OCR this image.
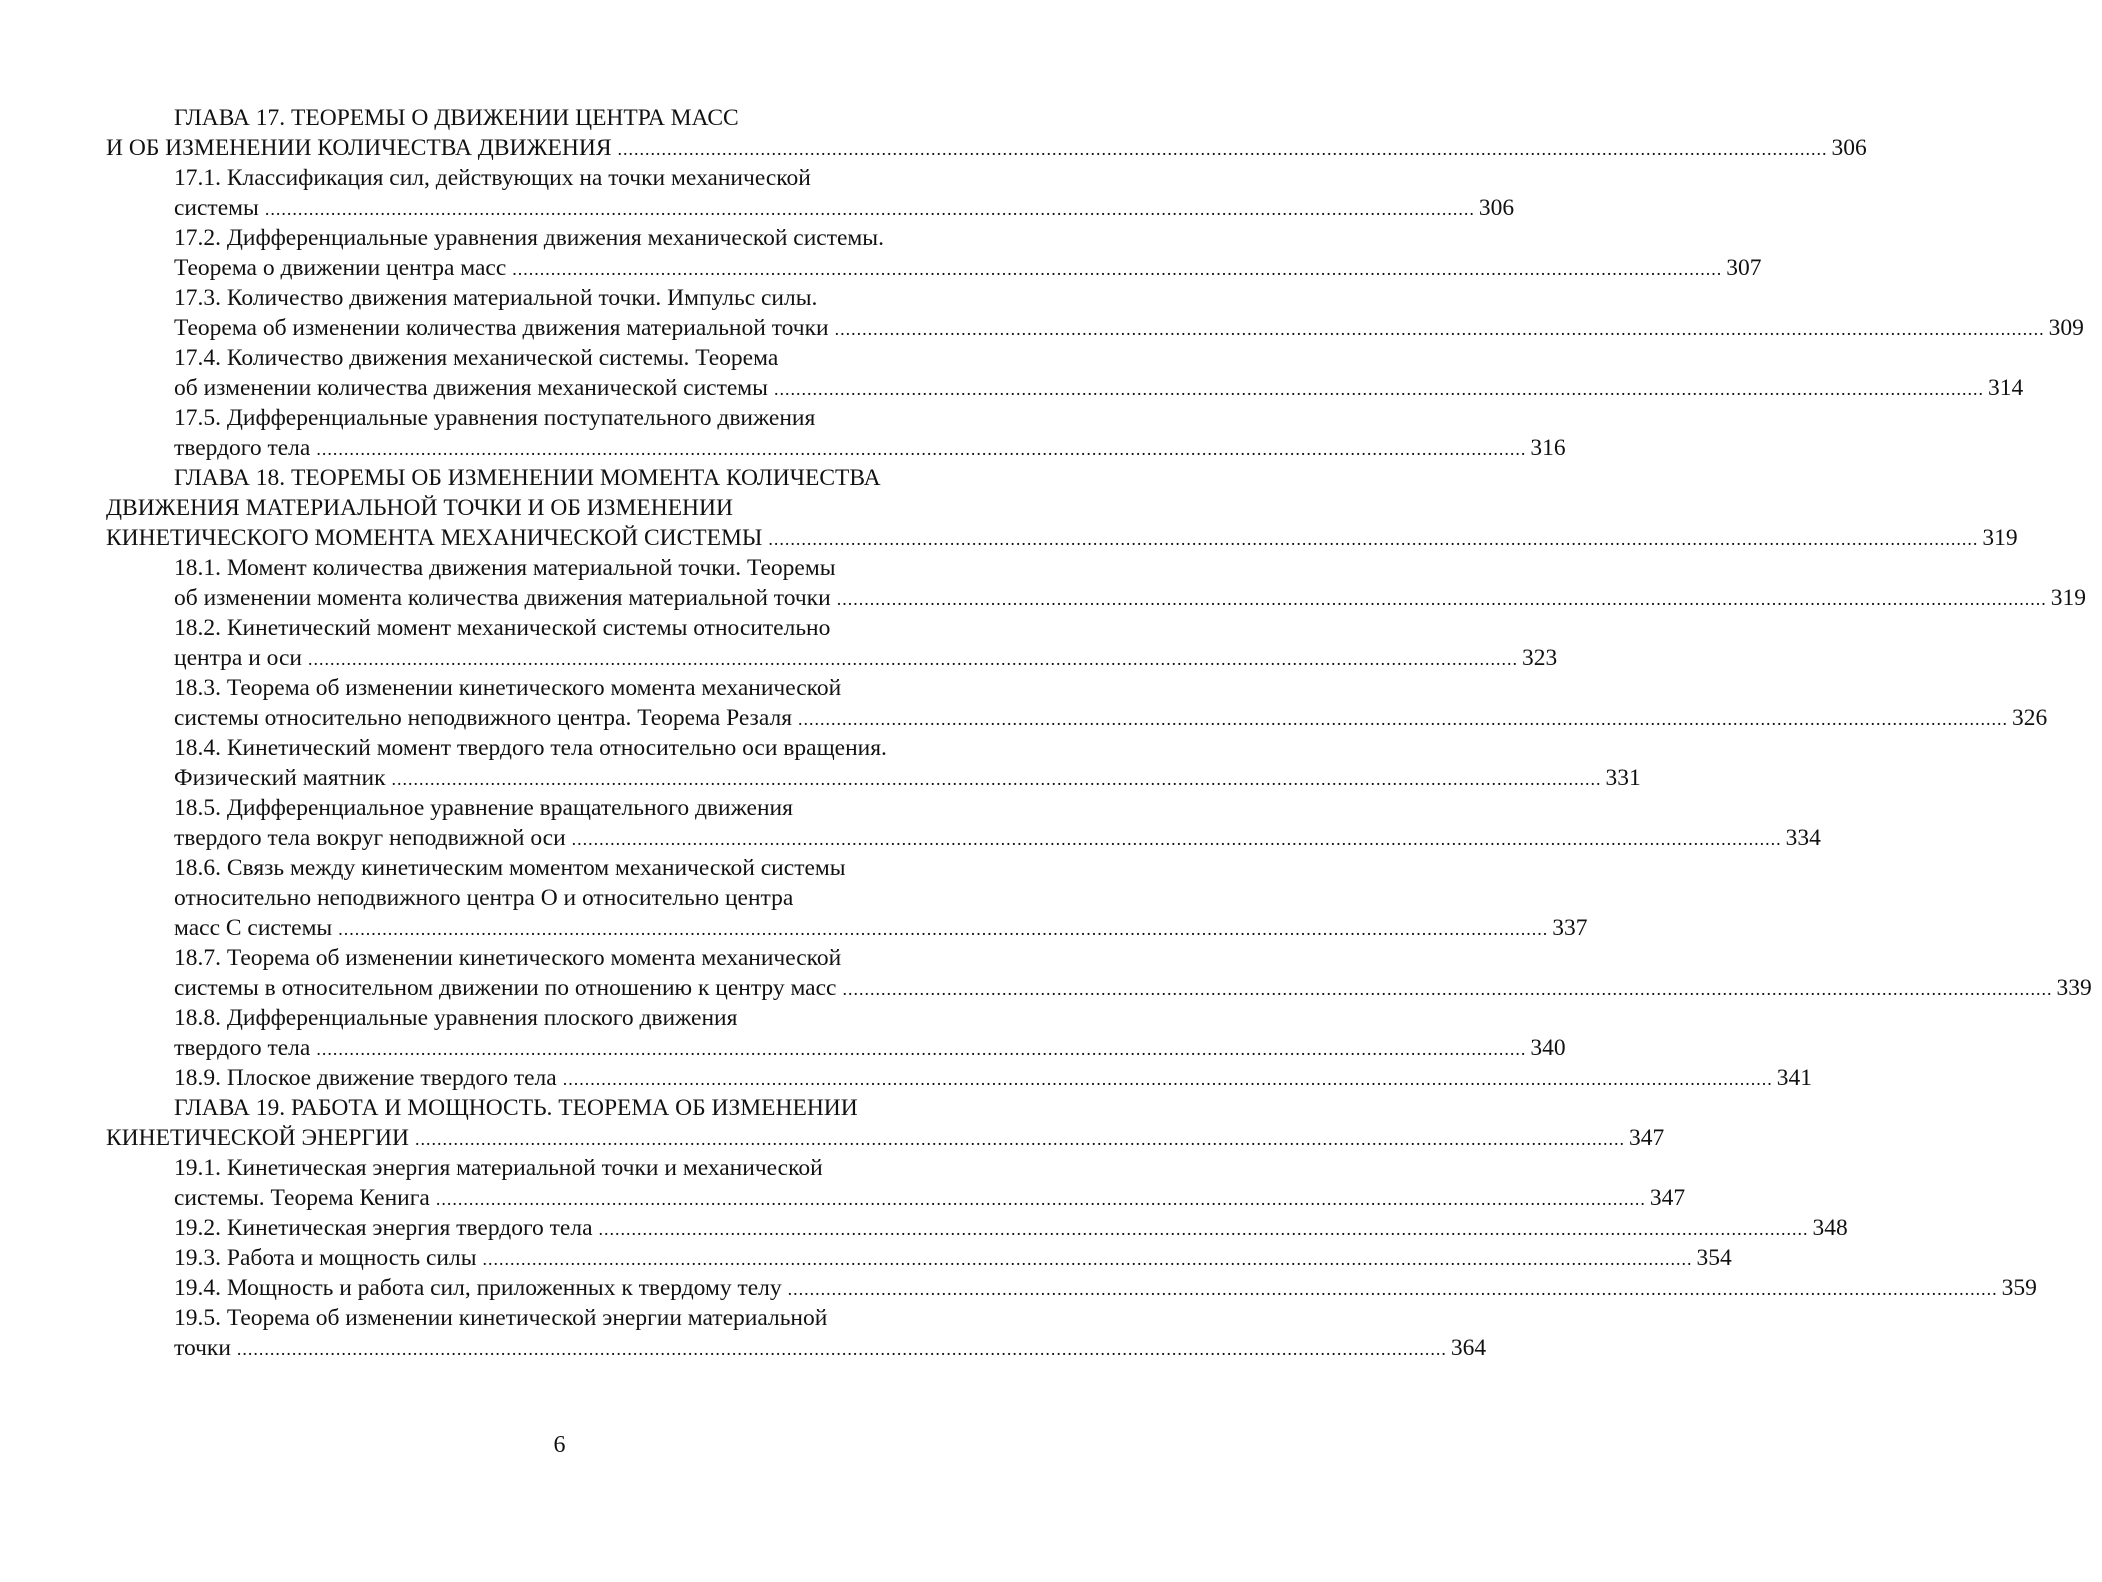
ГЛАВА 17. ТЕОРЕМЫ О ДВИЖЕНИИ ЦЕНТРА МАСС
И ОБ ИЗМЕНЕНИИ КОЛИЧЕСТВА ДВИЖЕНИЯ ............................................................................................................................................................................................................................ 306
17.1. Классификация сил, действующих на точки механической
системы ............................................................................................................................................................................................................................ 306
17.2. Дифференциальные уравнения движения механической системы.
Теорема о движении центра масс ............................................................................................................................................................................................................................ 307
17.3. Количество движения материальной точки. Импульс силы.
Теорема об изменении количества движения материальной точки ............................................................................................................................................................................................................................ 309
17.4. Количество движения механической системы. Теорема
об изменении количества движения механической системы ............................................................................................................................................................................................................................ 314
17.5. Дифференциальные уравнения поступательного движения
твердого тела ............................................................................................................................................................................................................................ 316
ГЛАВА 18. ТЕОРЕМЫ ОБ ИЗМЕНЕНИИ МОМЕНТА КОЛИЧЕСТВА
ДВИЖЕНИЯ МАТЕРИАЛЬНОЙ ТОЧКИ И ОБ ИЗМЕНЕНИИ
КИНЕТИЧЕСКОГО МОМЕНТА МЕХАНИЧЕСКОЙ СИСТЕМЫ ............................................................................................................................................................................................................................ 319
18.1. Момент количества движения материальной точки. Теоремы
об изменении момента количества движения материальной точки ............................................................................................................................................................................................................................ 319
18.2. Кинетический момент механической системы относительно
центра и оси ............................................................................................................................................................................................................................ 323
18.3. Теорема об изменении кинетического момента механической
системы относительно неподвижного центра. Теорема Резаля ............................................................................................................................................................................................................................ 326
18.4. Кинетический момент твердого тела относительно оси вращения.
Физический маятник ............................................................................................................................................................................................................................ 331
18.5. Дифференциальное уравнение вращательного движения
твердого тела вокруг неподвижной оси ............................................................................................................................................................................................................................ 334
18.6. Связь между кинетическим моментом механической системы
относительно неподвижного центра O и относительно центра
масс C системы ............................................................................................................................................................................................................................ 337
18.7. Теорема об изменении кинетического момента механической
системы в относительном движении по отношению к центру масс ............................................................................................................................................................................................................................ 339
18.8. Дифференциальные уравнения плоского движения
твердого тела ............................................................................................................................................................................................................................ 340
18.9. Плоское движение твердого тела ............................................................................................................................................................................................................................ 341
ГЛАВА 19. РАБОТА И МОЩНОСТЬ. ТЕОРЕМА ОБ ИЗМЕНЕНИИ
КИНЕТИЧЕСКОЙ ЭНЕРГИИ ............................................................................................................................................................................................................................ 347
19.1. Кинетическая энергия материальной точки и механической
системы. Теорема Кенига ............................................................................................................................................................................................................................ 347
19.2. Кинетическая энергия твердого тела ............................................................................................................................................................................................................................ 348
19.3. Работа и мощность силы ............................................................................................................................................................................................................................ 354
19.4. Мощность и работа сил, приложенных к твердому телу ............................................................................................................................................................................................................................ 359
19.5. Теорема об изменении кинетической энергии материальной
точки ............................................................................................................................................................................................................................ 364
6
